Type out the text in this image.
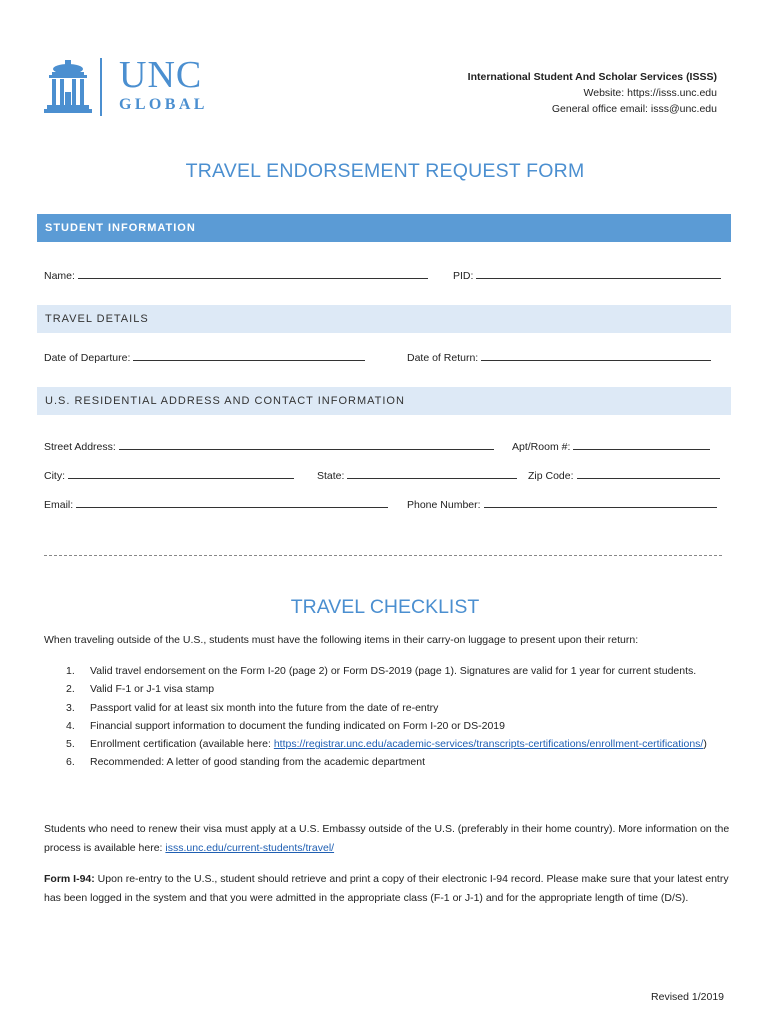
UNC
GLOBAL
International Student And Scholar Services (ISSS)
Website: https://isss.unc.edu
General office email: isss@unc.edu
TRAVEL ENDORSEMENT REQUEST FORM
STUDENT INFORMATION
Name:	PID:
TRAVEL DETAILS
Date of Departure:	Date of Return:
U.S. RESIDENTIAL ADDRESS AND CONTACT INFORMATION
Street Address:	Apt/Room #:
City:	State:	Zip Code:
Email:	Phone Number:
TRAVEL CHECKLIST
When traveling outside of the U.S., students must have the following items in their carry-on luggage to present upon their return:
1. Valid travel endorsement on the Form I-20 (page 2) or Form DS-2019 (page 1). Signatures are valid for 1 year for current students.
2. Valid F-1 or J-1 visa stamp
3. Passport valid for at least six month into the future from the date of re-entry
4. Financial support information to document the funding indicated on Form I-20 or DS-2019
5. Enrollment certification (available here: https://registrar.unc.edu/academic-services/transcripts-certifications/enrollment-certifications/)
6. Recommended: A letter of good standing from the academic department
Students who need to renew their visa must apply at a U.S. Embassy outside of the U.S. (preferably in their home country). More information on the process is available here: isss.unc.edu/current-students/travel/
Form I-94: Upon re-entry to the U.S., student should retrieve and print a copy of their electronic I-94 record. Please make sure that your latest entry has been logged in the system and that you were admitted in the appropriate class (F-1 or J-1) and for the appropriate length of time (D/S).
Revised 1/2019
